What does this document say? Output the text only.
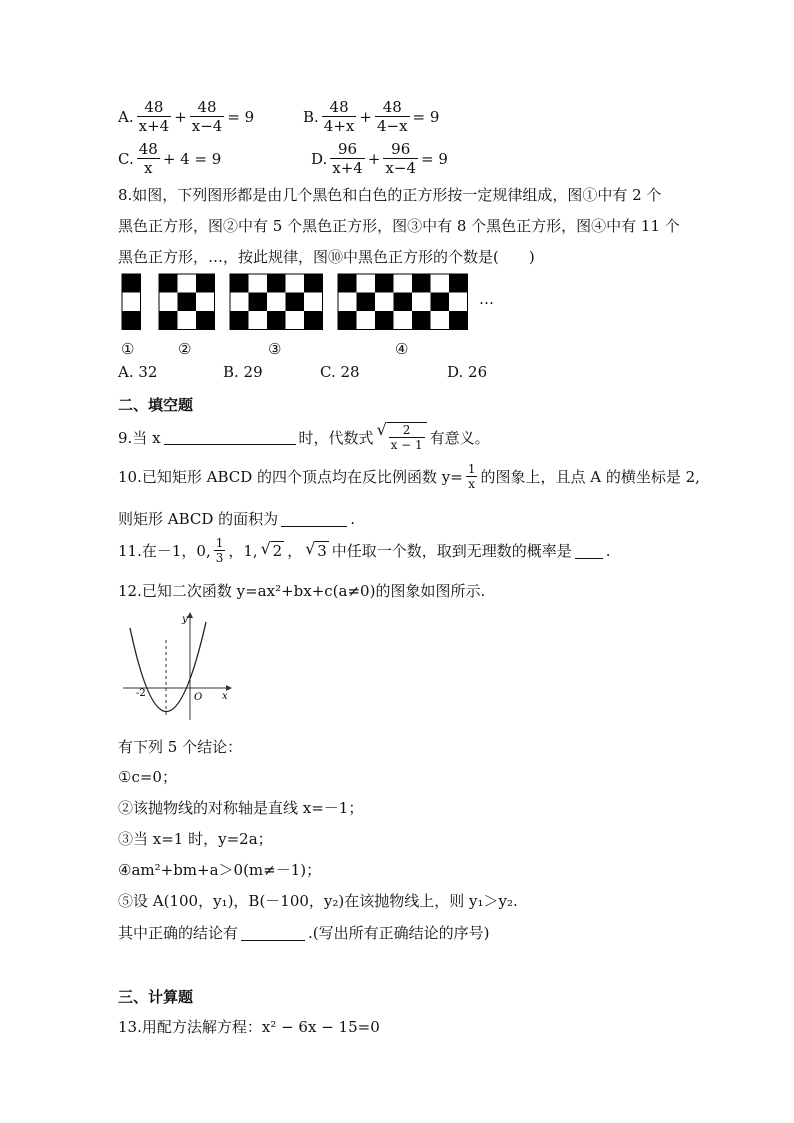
A. $\frac{48}{x+4} + \frac{48}{x-4} = 9$	B. $\frac{48}{4+x} + \frac{48}{4-x} = 9$
C. $\frac{48}{x} + 4 = 9$	D. $\frac{96}{x+4} + \frac{96}{x-4} = 9$
8.如图，下列图形都是由几个黑色和白色的正方形按一定规律组成，图①中有 2 个
黑色正方形，图②中有 5 个黑色正方形，图③中有 8 个黑色正方形，图④中有 11 个
黑色正方形，…，按此规律，图⑩中黑色正方形的个数是(　　)
①	②	③	④
…
A. 32	B. 29	C. 28	D. 26
二、填空题
9.当 x	时，代数式 √ $\frac{2}{x - 1}$ 有意义。
10.已知矩形 ABCD 的四个顶点均在反比例函数 $y= \frac{1}{x}$ 的图象上，且点 A 的横坐标是 2,
则矩形 ABCD 的面积为	.
11.在－1，0, $\frac{1}{3}$ ，1, √ 2 ， √ 3 中任取一个数，取到无理数的概率是 .
12.已知二次函数 y=ax²+bx+c(a≠0)的图象如图所示.
y
x
O
-2
有下列 5 个结论：
①c=0；
②该抛物线的对称轴是直线 x=－1；
③当 x=1 时，y=2a；
④am²+bm+a＞0(m≠－1)；
⑤设 A(100，y₁)，B(－100，y₂)在该抛物线上，则 y₁＞y₂.
其中正确的结论有	.(写出所有正确结论的序号)
三、计算题
13.用配方法解方程：x² − 6x − 15=0
